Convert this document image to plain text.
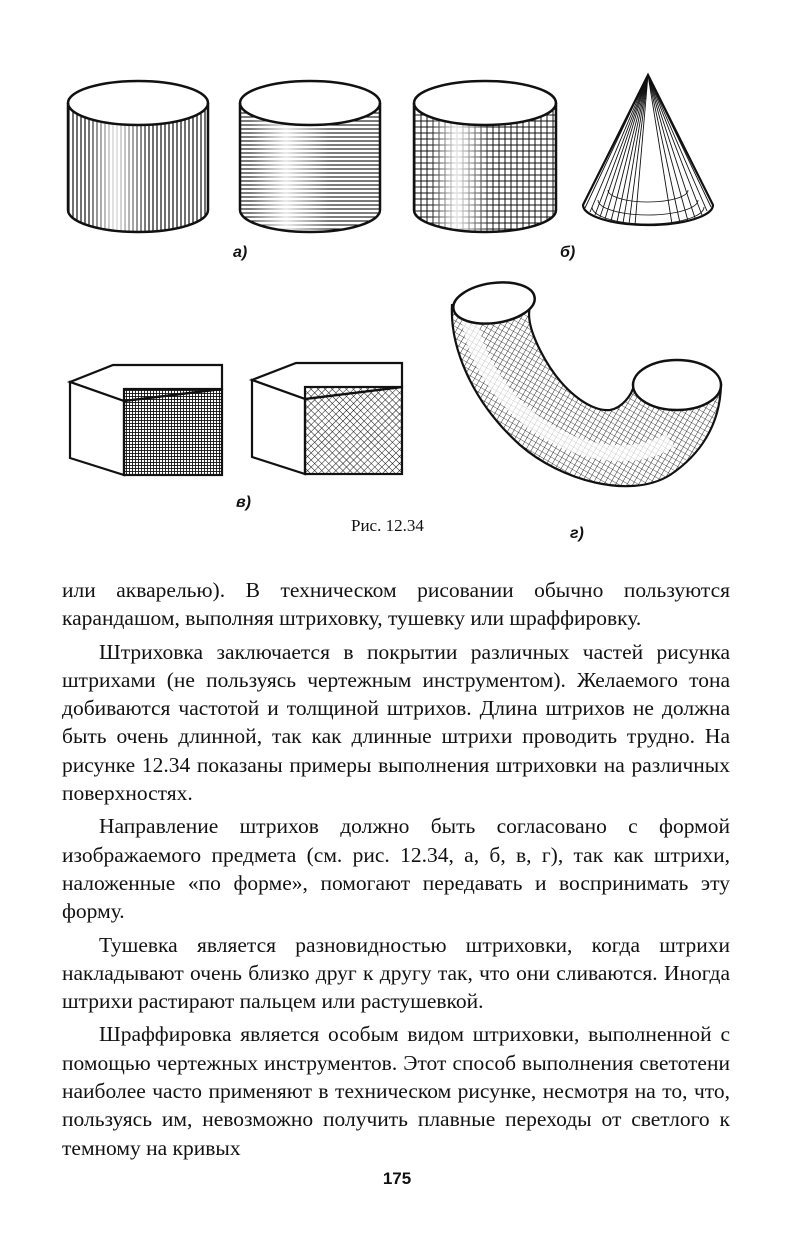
а)	б)
в)
г)
Рис. 12.34

или акварелью). В техническом рисовании обычно пользуются карандашом, выполняя штриховку, тушевку или шраффировку.

Штриховка заключается в покрытии различных частей рисунка штрихами (не пользуясь чертежным инструментом). Желаемого тона добиваются частотой и толщиной штрихов. Длина штрихов не должна быть очень длинной, так как длинные штрихи проводить трудно. На рисунке 12.34 показаны примеры выполнения штриховки на различных поверхностях.

Направление штрихов должно быть согласовано с формой изображаемого предмета (см. рис. 12.34, а, б, в, г), так как штрихи, наложенные «по форме», помогают передавать и воспринимать эту форму.

Тушевка является разновидностью штриховки, когда штрихи накладывают очень близко друг к другу так, что они сливаются. Иногда штрихи растирают пальцем или растушевкой.

Шраффировка является особым видом штриховки, выполненной с помощью чертежных инструментов. Этот способ выполнения светотени наиболее часто применяют в техническом рисунке, несмотря на то, что, пользуясь им, невозможно получить плавные переходы от светлого к темному на кривых

175
